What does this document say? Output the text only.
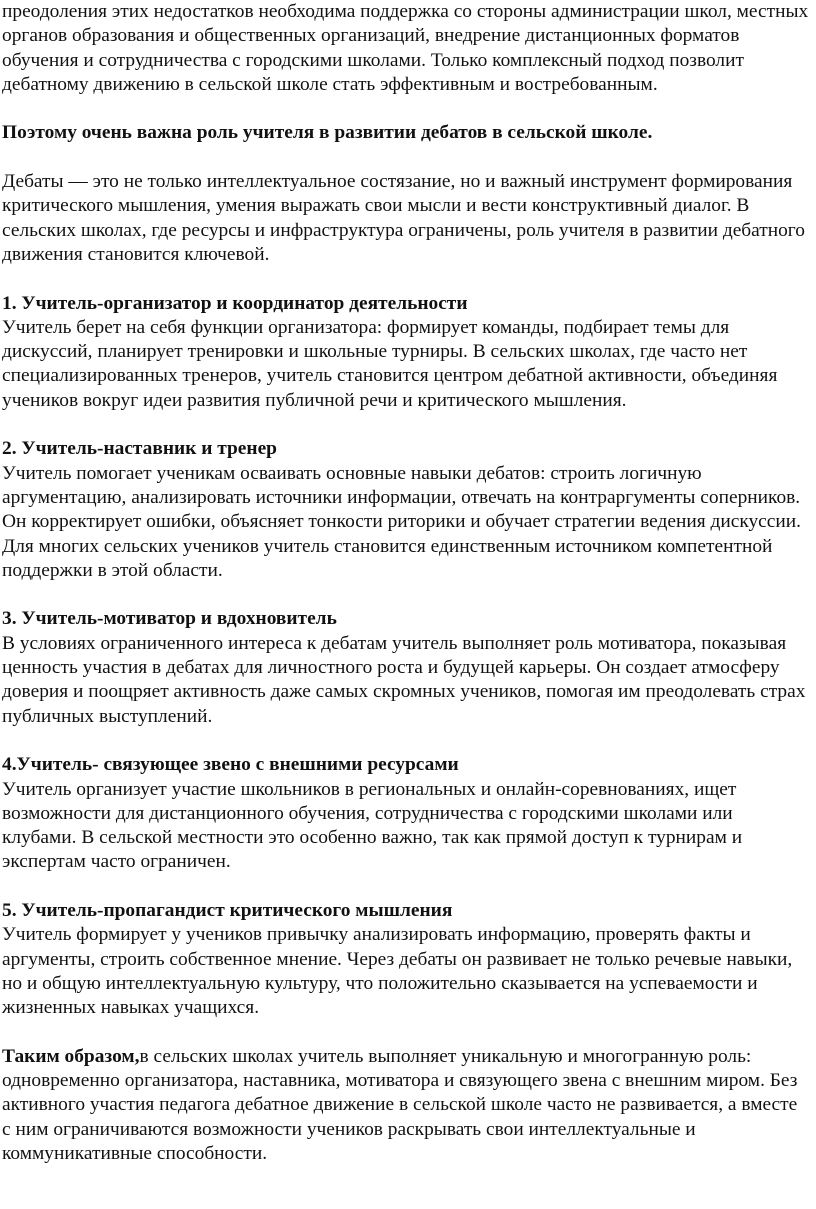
преодоления этих недостатков необходима поддержка со стороны администрации школ, местных органов образования и общественных организаций, внедрение дистанционных форматов обучения и сотрудничества с городскими школами. Только комплексный подход позволит дебатному движению в сельской школе стать эффективным и востребованным.

Поэтому очень важна роль учителя в развитии дебатов в сельской школе.

Дебаты — это не только интеллектуальное состязание, но и важный инструмент формирования критического мышления, умения выражать свои мысли и вести конструктивный диалог. В сельских школах, где ресурсы и инфраструктура ограничены, роль учителя в развитии дебатного движения становится ключевой.

1. Учитель-организатор и координатор деятельности

Учитель берет на себя функции организатора: формирует команды, подбирает темы для дискуссий, планирует тренировки и школьные турниры. В сельских школах, где часто нет специализированных тренеров, учитель становится центром дебатной активности, объединяя учеников вокруг идеи развития публичной речи и критического мышления.

2. Учитель-наставник и тренер

Учитель помогает ученикам осваивать основные навыки дебатов: строить логичную аргументацию, анализировать источники информации, отвечать на контраргументы соперников. Он корректирует ошибки, объясняет тонкости риторики и обучает стратегии ведения дискуссии. Для многих сельских учеников учитель становится единственным источником компетентной поддержки в этой области.

3. Учитель-мотиватор и вдохновитель

В условиях ограниченного интереса к дебатам учитель выполняет роль мотиватора, показывая ценность участия в дебатах для личностного роста и будущей карьеры. Он создает атмосферу доверия и поощряет активность даже самых скромных учеников, помогая им преодолевать страх публичных выступлений.

4.Учитель- связующее звено с внешними ресурсами

Учитель организует участие школьников в региональных и онлайн-соревнованиях, ищет возможности для дистанционного обучения, сотрудничества с городскими школами или клубами. В сельской местности это особенно важно, так как прямой доступ к турнирам и экспертам часто ограничен.

5. Учитель-пропагандист критического мышления

Учитель формирует у учеников привычку анализировать информацию, проверять факты и аргументы, строить собственное мнение. Через дебаты он развивает не только речевые навыки, но и общую интеллектуальную культуру, что положительно сказывается на успеваемости и жизненных навыках учащихся.

Таким образом,в сельских школах учитель выполняет уникальную и многогранную роль: одновременно организатора, наставника, мотиватора и связующего звена с внешним миром. Без активного участия педагога дебатное движение в сельской школе часто не развивается, а вместе с ним ограничиваются возможности учеников раскрывать свои интеллектуальные и коммуникативные способности.
